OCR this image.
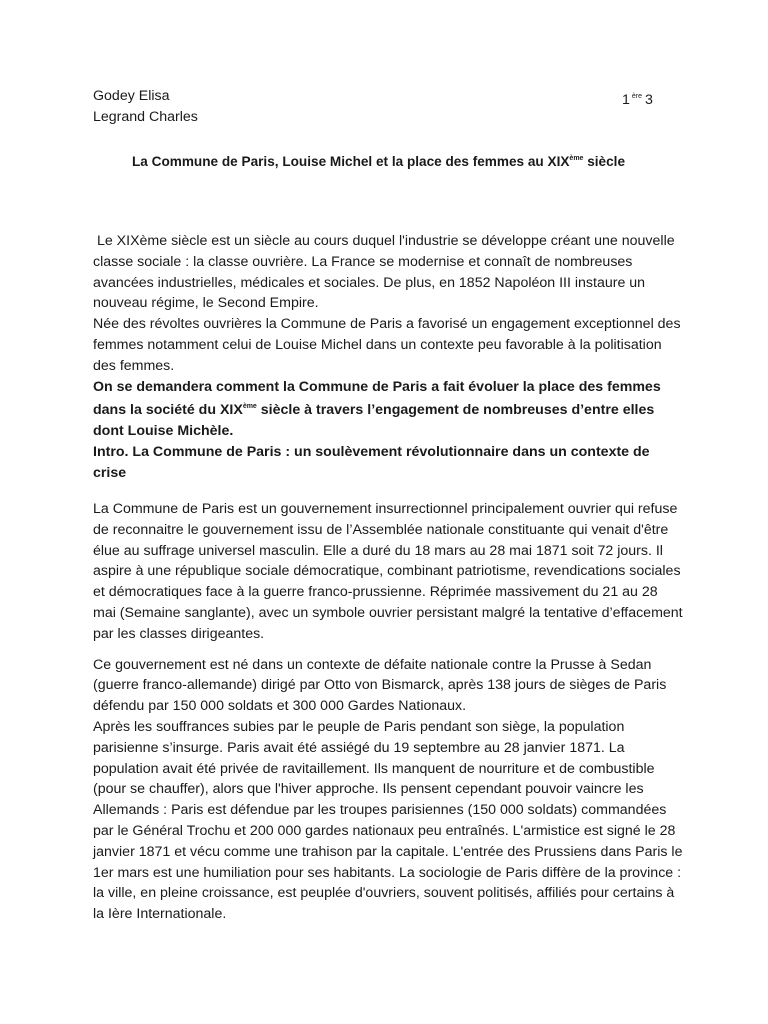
Godey Elisa
Legrand Charles
1 $^{ère}$ 3
La Commune de Paris, Louise Michel et la place des femmes au XIXème siècle

Le XIXème siècle est un siècle au cours duquel l'industrie se développe créant une nouvelle classe sociale : la classe ouvrière. La France se modernise et connaît de nombreuses avancées industrielles, médicales et sociales. De plus, en 1852 Napoléon III instaure un nouveau régime, le Second Empire.

Née des révoltes ouvrières la Commune de Paris a favorisé un engagement exceptionnel des femmes notamment celui de Louise Michel dans un contexte peu favorable à la politisation des femmes.

On se demandera comment la Commune de Paris a fait évoluer la place des femmes dans la société du XIXème siècle à travers l’engagement de nombreuses d’entre elles dont Louise Michèle.

Intro. La Commune de Paris : un soulèvement révolutionnaire dans un contexte de crise

La Commune de Paris est un gouvernement insurrectionnel principalement ouvrier qui refuse de reconnaitre le gouvernement issu de l’Assemblée nationale constituante qui venait d'être élue au suffrage universel masculin. Elle a duré du 18 mars au 28 mai 1871 soit 72 jours. Il aspire à une république sociale démocratique, combinant patriotisme, revendications sociales et démocratiques face à la guerre franco-prussienne. Réprimée massivement du 21 au 28 mai (Semaine sanglante), avec un symbole ouvrier persistant malgré la tentative d’effacement par les classes dirigeantes.

Ce gouvernement est né dans un contexte de défaite nationale contre la Prusse à Sedan (guerre franco-allemande) dirigé par Otto von Bismarck, après 138 jours de sièges de Paris défendu par 150 000 soldats et 300 000 Gardes Nationaux.

Après les souffrances subies par le peuple de Paris pendant son siège, la population parisienne s’insurge. Paris avait été assiégé du 19 septembre au 28 janvier 1871. La population avait été privée de ravitaillement. Ils manquent de nourriture et de combustible (pour se chauffer), alors que l'hiver approche. Ils pensent cependant pouvoir vaincre les Allemands : Paris est défendue par les troupes parisiennes (150 000 soldats) commandées par le Général Trochu et 200 000 gardes nationaux peu entraînés. L'armistice est signé le 28 janvier 1871 et vécu comme une trahison par la capitale. L'entrée des Prussiens dans Paris le 1er mars est une humiliation pour ses habitants. La sociologie de Paris diffère de la province : la ville, en pleine croissance, est peuplée d'ouvriers, souvent politisés, affiliés pour certains à la Ière Internationale.
